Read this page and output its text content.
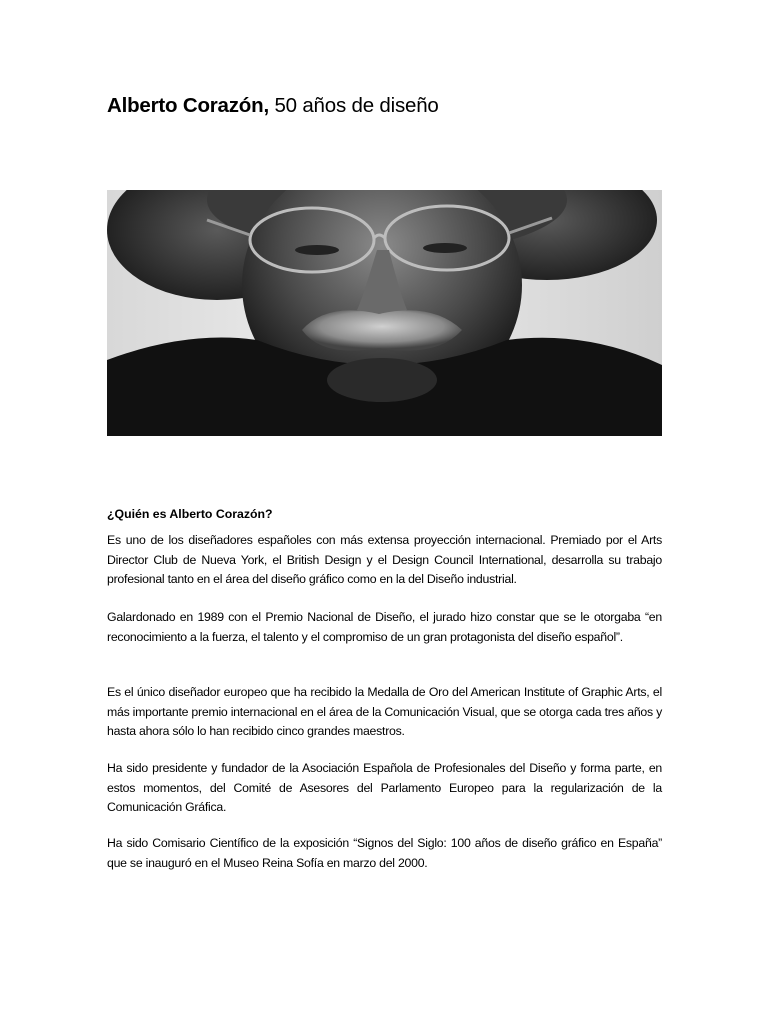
Alberto Corazón, 50 años de diseño
¿Quién es Alberto Corazón?

Es uno de los diseñadores españoles con más extensa proyección internacional. Premiado por el Arts Director Club de Nueva York, el British Design y el Design Council International, desarrolla su trabajo profesional tanto en el área del diseño gráfico como en la del Diseño industrial.

Galardonado en 1989 con el Premio Nacional de Diseño, el jurado hizo constar que se le otorgaba “en reconocimiento a la fuerza, el talento y el compromiso de un gran protagonista del diseño español”.

Es el único diseñador europeo que ha recibido la Medalla de Oro del American Institute of Graphic Arts, el más importante premio internacional en el área de la Comunicación Visual, que se otorga cada tres años y hasta ahora sólo lo han recibido cinco grandes maestros.

Ha sido presidente y fundador de la Asociación Española de Profesionales del Diseño y forma parte, en estos momentos, del Comité de Asesores del Parlamento Europeo para la regularización de la Comunicación Gráfica.

Ha sido Comisario Científico de la exposición “Signos del Siglo: 100 años de diseño gráfico en España” que se inauguró en el Museo Reina Sofía en marzo del 2000.
